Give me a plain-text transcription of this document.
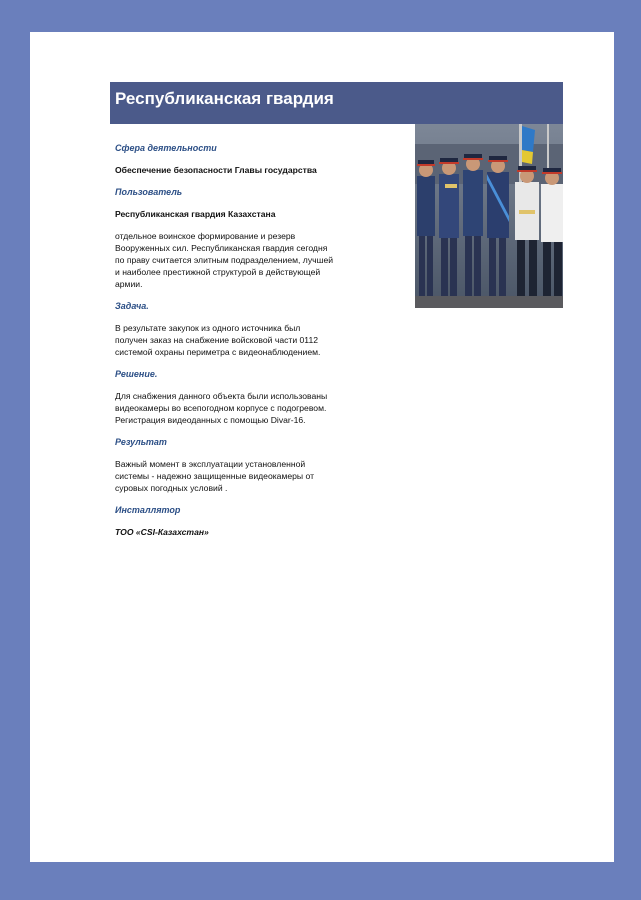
Республиканская гвардия

Сфера деятельности

Обеспечение безопасности Главы государства

Пользователь

Республиканская гвардия Казахстана

отдельное воинское формирование и резерв Вооруженных сил. Республиканская гвардия сегодня по праву считается элитным подразделением, лучшей и наиболее престижной структурой в действующей армии.

Задача.

В результате закупок из одного источника был получен заказ на снабжение войсковой части 0112 системой охраны периметра с видеонаблюдением.

Решение.

Для снабжения данного объекта были использованы видеокамеры во всепогодном корпусе с подогревом. Регистрация видеоданных с помощью Divar-16.

Результат

Важный момент в эксплуатации установленной системы - надежно защищенные видеокамеры от суровых погодных условий .

Инсталлятор

ТОО «CSI-Казахстан»
